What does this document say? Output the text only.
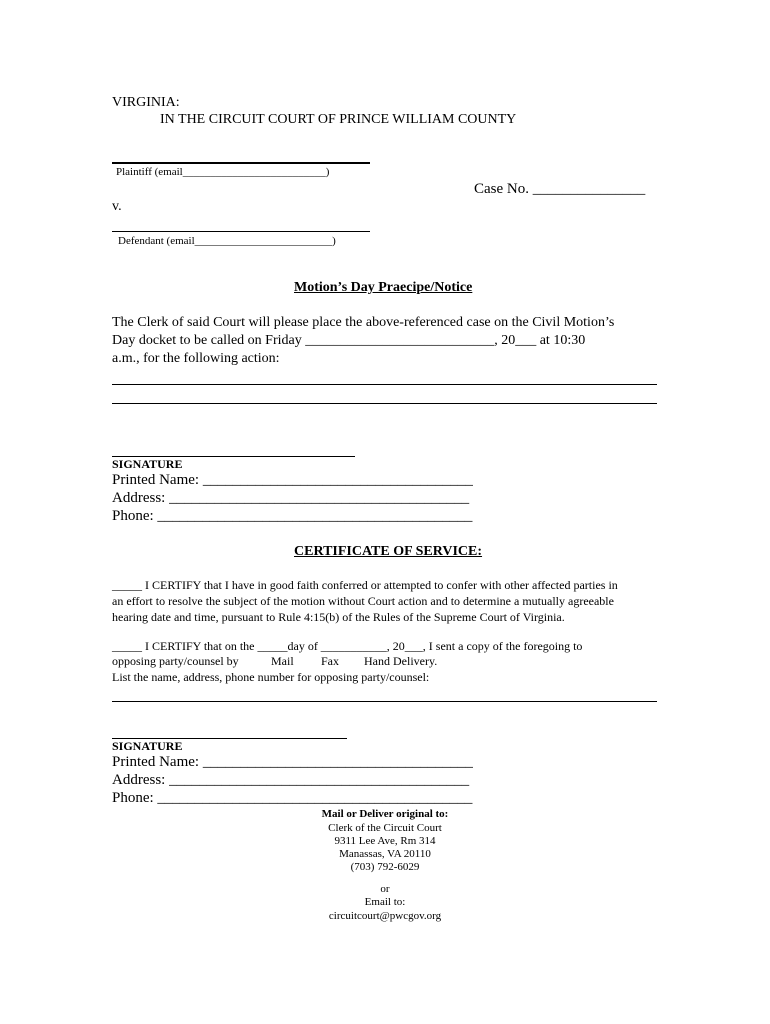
VIRGINIA:
IN THE CIRCUIT COURT OF PRINCE WILLIAM COUNTY
Plaintiff (email__________________________)
Case No. _______________
v.
Defendant (email_________________________)
Motion’s Day Praecipe/Notice
The Clerk of said Court will please place the above-referenced case on the Civil Motion’s
Day docket to be called on Friday ___________________________, 20___ at 10:30
a.m., for the following action:
SIGNATURE
Printed Name: ____________________________________
Address: ________________________________________
Phone: __________________________________________
CERTIFICATE OF SERVICE:
_____ I CERTIFY that I have in good faith conferred or attempted to confer with other affected parties in
an effort to resolve the subject of the motion without Court action and to determine a mutually agreeable
hearing date and time, pursuant to Rule 4:15(b) of the Rules of the Supreme Court of Virginia.
_____ I CERTIFY that on the _____day of ___________, 20___, I sent a copy of the foregoing to
opposing party/counsel by	Mail Fax Hand Delivery.
List the name, address, phone number for opposing party/counsel:
SIGNATURE
Printed Name: ____________________________________
Address: ________________________________________
Phone: __________________________________________
Mail or Deliver original to:
Clerk of the Circuit Court
9311 Lee Ave, Rm 314
Manassas, VA 20110
(703) 792-6029
or
Email to:
circuitcourt@pwcgov.org
